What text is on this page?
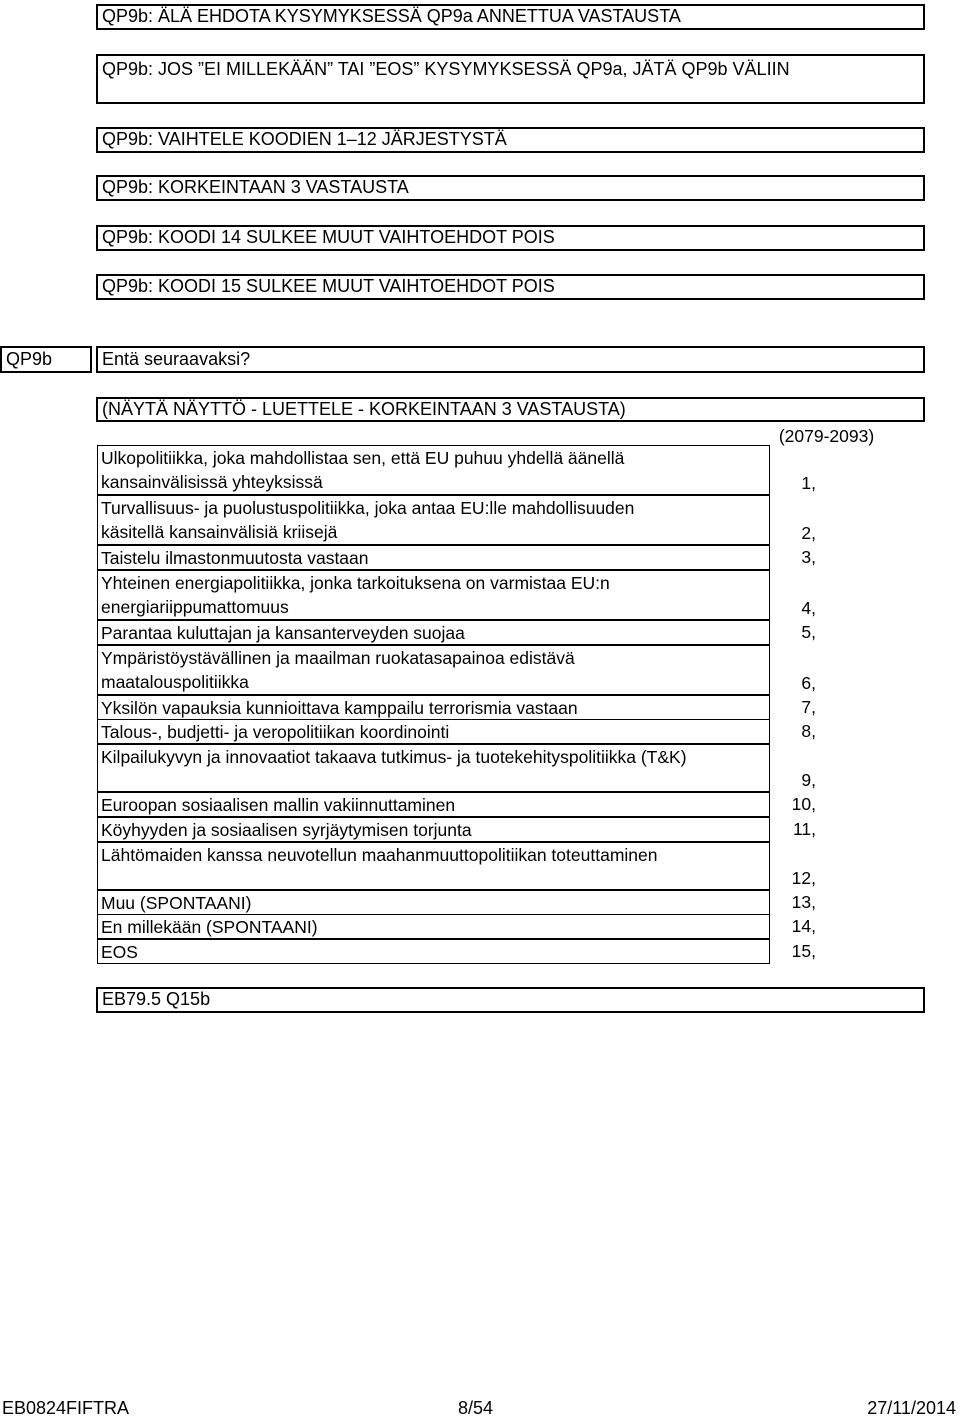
QP9b: ÄLÄ EHDOTA KYSYMYKSESSÄ QP9a ANNETTUA VASTAUSTA
QP9b: JOS ”EI MILLEKÄÄN” TAI ”EOS” KYSYMYKSESSÄ QP9a, JÄTÄ QP9b VÄLIIN
QP9b: VAIHTELE KOODIEN 1–12 JÄRJESTYSTÄ
QP9b: KORKEINTAAN 3 VASTAUSTA
QP9b: KOODI 14 SULKEE MUUT VAIHTOEHDOT POIS
QP9b: KOODI 15 SULKEE MUUT VAIHTOEHDOT POIS
QP9b	Entä seuraavaksi?
(NÄYTÄ NÄYTTÖ - LUETTELE - KORKEINTAAN 3 VASTAUSTA)
(2079-2093)
Ulkopolitiikka, joka mahdollistaa sen, että EU puhuu yhdellä äänellä
kansainvälisissä yhteyksissä	1,
Turvallisuus- ja puolustuspolitiikka, joka antaa EU:lle mahdollisuuden
käsitellä kansainvälisiä kriisejä	2,
Taistelu ilmastonmuutosta vastaan	3,
Yhteinen energiapolitiikka, jonka tarkoituksena on varmistaa EU:n
energiariippumattomuus	4,
Parantaa kuluttajan ja kansanterveyden suojaa	5,
Ympäristöystävällinen ja maailman ruokatasapainoa edistävä
maatalouspolitiikka	6,
Yksilön vapauksia kunnioittava kamppailu terrorismia vastaan	7,
Talous-, budjetti- ja veropolitiikan koordinointi	8,
Kilpailukyvyn ja innovaatiot takaava tutkimus- ja tuotekehityspolitiikka (T&K)
9,
Euroopan sosiaalisen mallin vakiinnuttaminen	10,
Köyhyyden ja sosiaalisen syrjäytymisen torjunta	11,
Lähtömaiden kanssa neuvotellun maahanmuuttopolitiikan toteuttaminen
12,
Muu (SPONTAANI)	13,
En millekään (SPONTAANI)	14,
EOS	15,
EB79.5 Q15b
EB0824FIFTRA	8/54	27/11/2014
